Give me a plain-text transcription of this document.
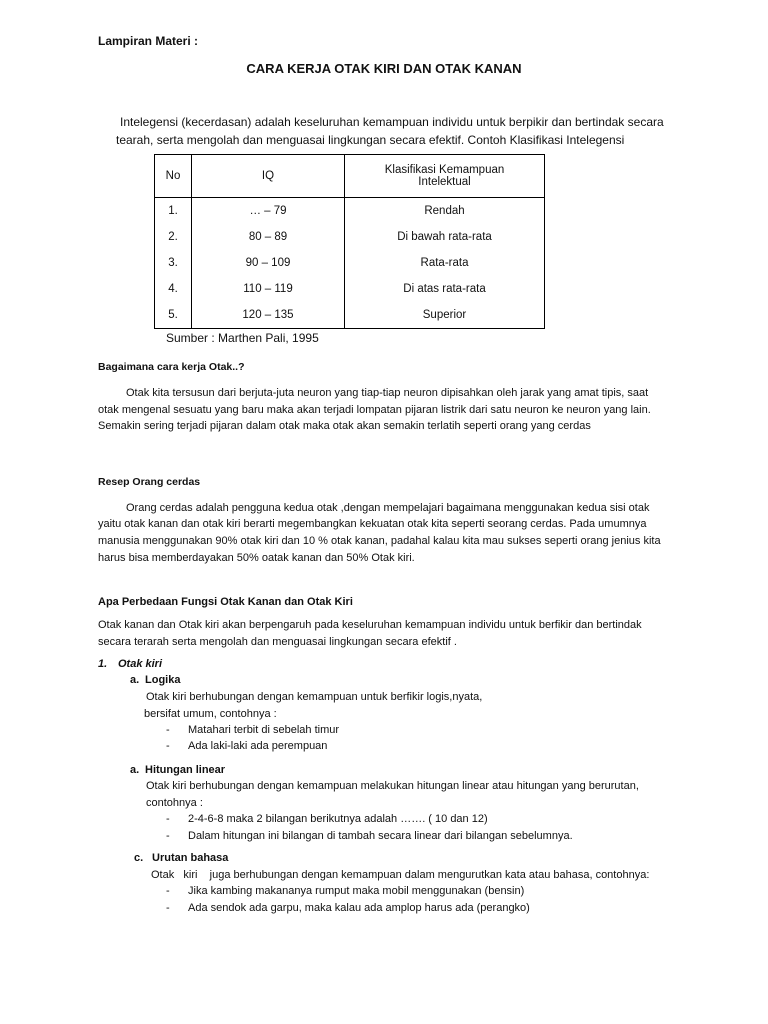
Lampiran Materi :
CARA KERJA OTAK KIRI DAN OTAK KANAN
Intelegensi (kecerdasan) adalah keseluruhan kemampuan individu untuk berpikir dan bertindak secara
tearah, serta mengolah dan menguasai lingkungan secara efektif. Contoh Klasifikasi Intelegensi
No	IQ	Klasifikasi Kemampuan
Intelektual

1.	… – 79	Rendah
2.	80 – 89	Di bawah rata-rata
3.	90 – 109	Rata-rata
4.	110 – 119	Di atas rata-rata
5.	120 – 135	Superior
Sumber : Marthen Pali, 1995
Bagaimana cara kerja Otak..?
Otak kita tersusun dari berjuta-juta neuron yang tiap-tiap neuron dipisahkan oleh jarak yang amat tipis, saat
otak mengenal sesuatu yang baru maka akan terjadi lompatan pijaran listrik dari satu neuron ke neuron yang lain.
Semakin sering terjadi pijaran dalam otak maka otak akan semakin terlatih seperti orang yang cerdas
Resep Orang cerdas
Orang cerdas adalah pengguna kedua otak ,dengan mempelajari bagaimana menggunakan kedua sisi otak
yaitu otak kanan dan otak kiri berarti megembangkan kekuatan otak kita seperti seorang cerdas. Pada umumnya
manusia menggunakan 90% otak kiri dan 10 % otak kanan, padahal kalau kita mau sukses seperti orang jenius kita
harus bisa memberdayakan 50% oatak kanan dan 50% Otak kiri.
Apa Perbedaan Fungsi Otak Kanan dan Otak Kiri
Otak kanan dan Otak kiri akan berpengaruh pada keseluruhan kemampuan individu untuk berfikir dan bertindak
secara terarah serta mengolah dan menguasai lingkungan secara efektif .
1. Otak kiri
a. Logika
Otak kiri berhubungan dengan kemampuan untuk berfikir logis,nyata,
bersifat umum, contohnya :
- Matahari terbit di sebelah timur
- Ada laki-laki ada perempuan
a. Hitungan linear
Otak kiri berhubungan dengan kemampuan melakukan hitungan linear atau hitungan yang berurutan,
contohnya :
- 2-4-6-8 maka 2 bilangan berikutnya adalah ……. ( 10 dan 12)
- Dalam hitungan ini bilangan di tambah secara linear dari bilangan sebelumnya.
c. Urutan bahasa
Otak   kiri    juga berhubungan dengan kemampuan dalam mengurutkan kata atau bahasa, contohnya:
- Jika kambing makananya rumput maka mobil menggunakan (bensin)
- Ada sendok ada garpu, maka kalau ada amplop harus ada (perangko)
